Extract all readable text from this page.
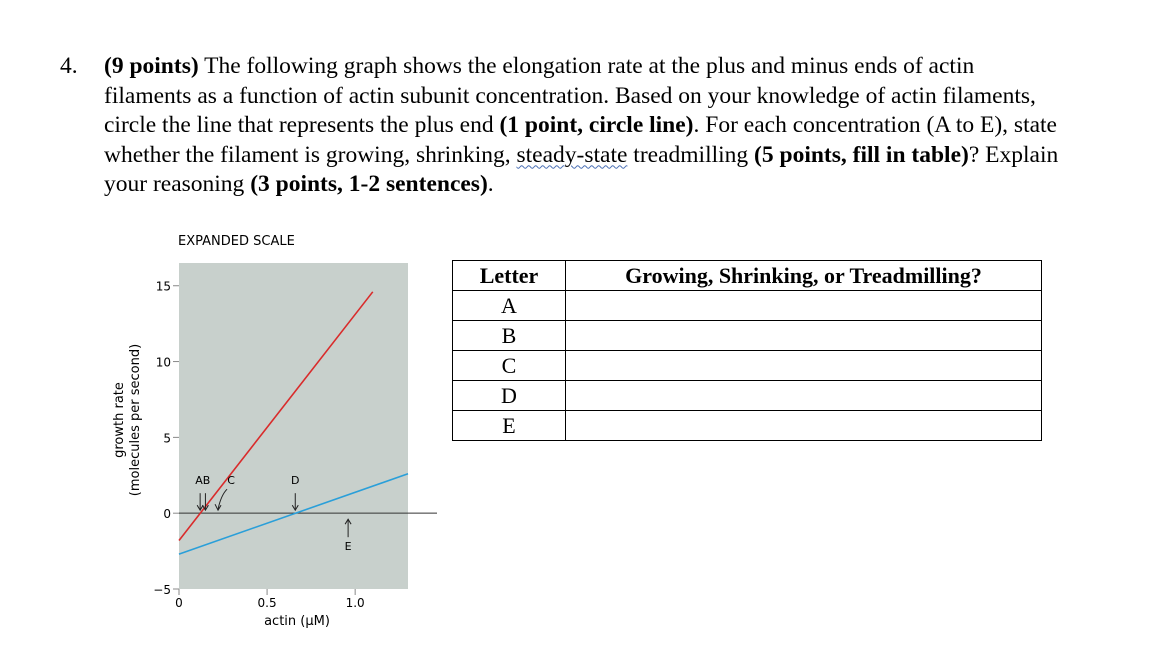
4. (9 points) The following graph shows the elongation rate at the plus and minus ends of actin filaments as a function of actin subunit concentration. Based on your knowledge of actin filaments, circle the line that represents the plus end (1 point, circle line). For each concentration (A to E), state whether the filament is growing, shrinking, steady-state treadmilling (5 points, fill in table)? Explain your reasoning (3 points, 1-2 sentences).
EXPANDED SCALE
growth rate (molecules per second)
actin (μM)
−5
0
5
10
15
0	0.5	1.0
AB C	D
E
Letter	Growing, Shrinking, or Treadmilling?
A	
B	
C	
D	
E	
